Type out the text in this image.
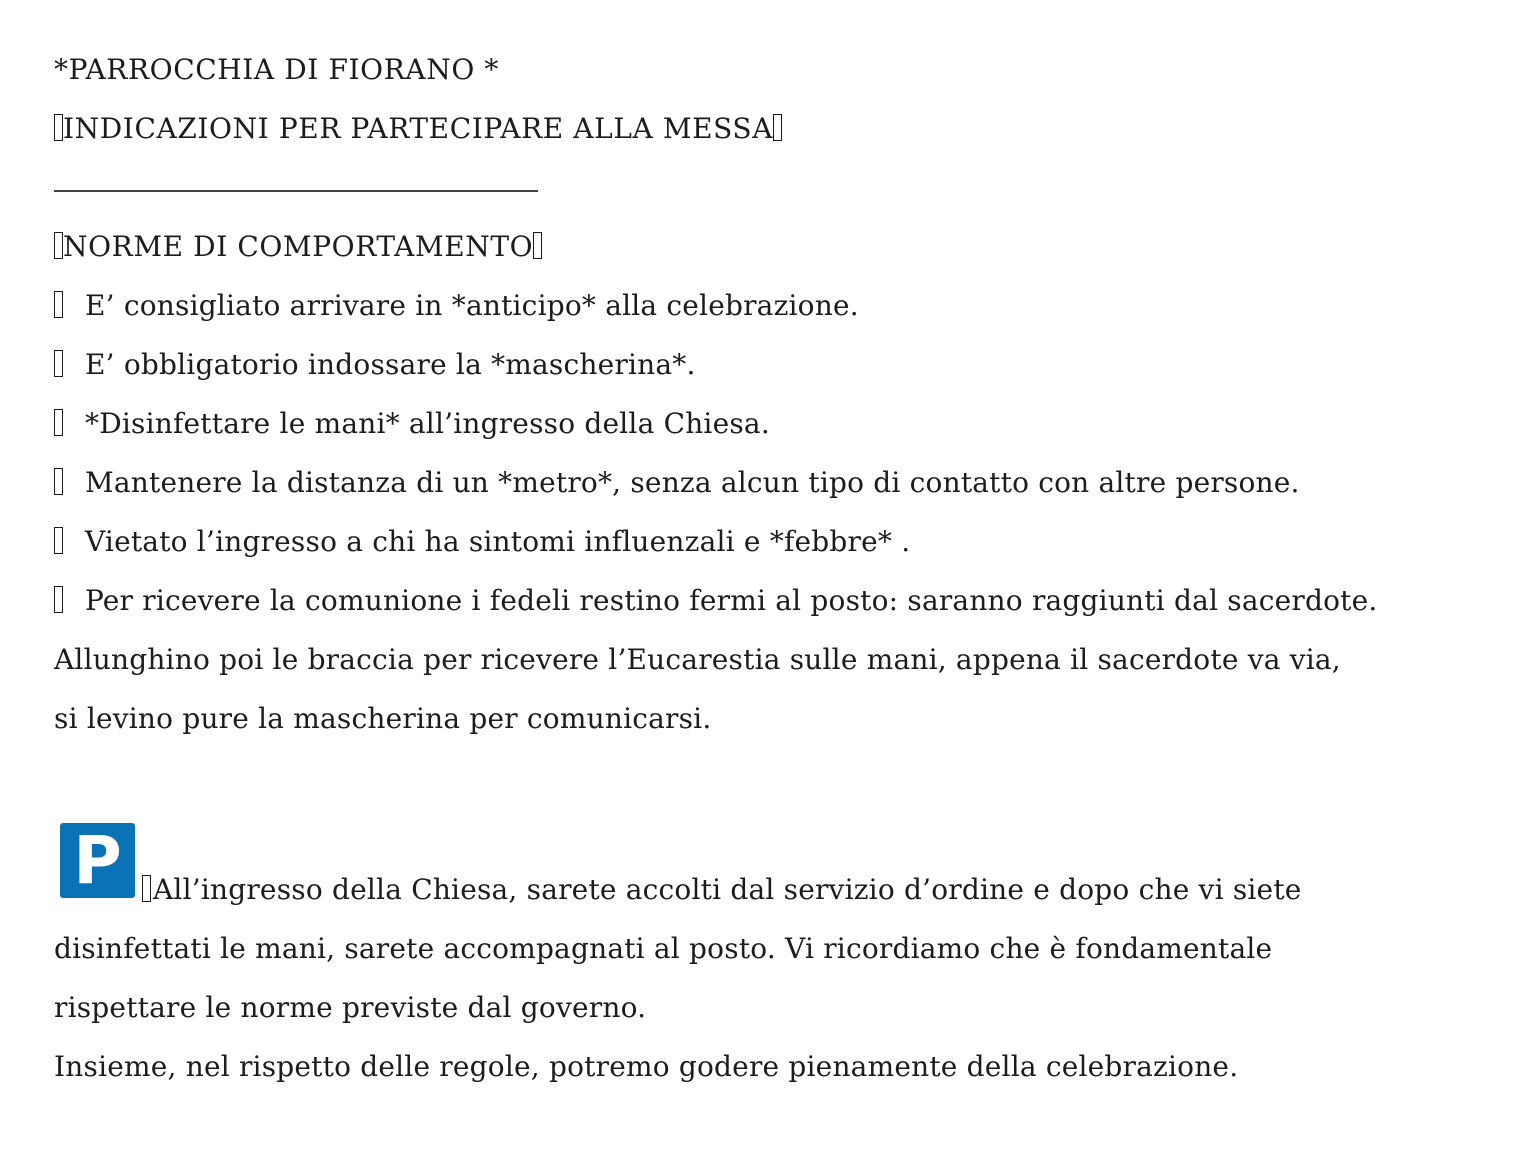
*PARROCCHIA DI FIORANO *
INDICAZIONI PER PARTECIPARE ALLA MESSA
NORME DI COMPORTAMENTO
E’ consigliato arrivare in *anticipo* alla celebrazione.
E’ obbligatorio indossare la *mascherina*.
*Disinfettare le mani* all’ingresso della Chiesa.
Mantenere la distanza di un *metro*, senza alcun tipo di contatto con altre persone.
Vietato l’ingresso a chi ha sintomi influenzali e *febbre* .
Per ricevere la comunione i fedeli restino fermi al posto: saranno raggiunti dal sacerdote.
Allunghino poi le braccia per ricevere l’Eucarestia sulle mani, appena il sacerdote va via,
si levino pure la mascherina per comunicarsi.
P	All’ingresso della Chiesa, sarete accolti dal servizio d’ordine e dopo che vi siete
disinfettati le mani, sarete accompagnati al posto. Vi ricordiamo che è fondamentale
rispettare le norme previste dal governo.
Insieme, nel rispetto delle regole, potremo godere pienamente della celebrazione.
